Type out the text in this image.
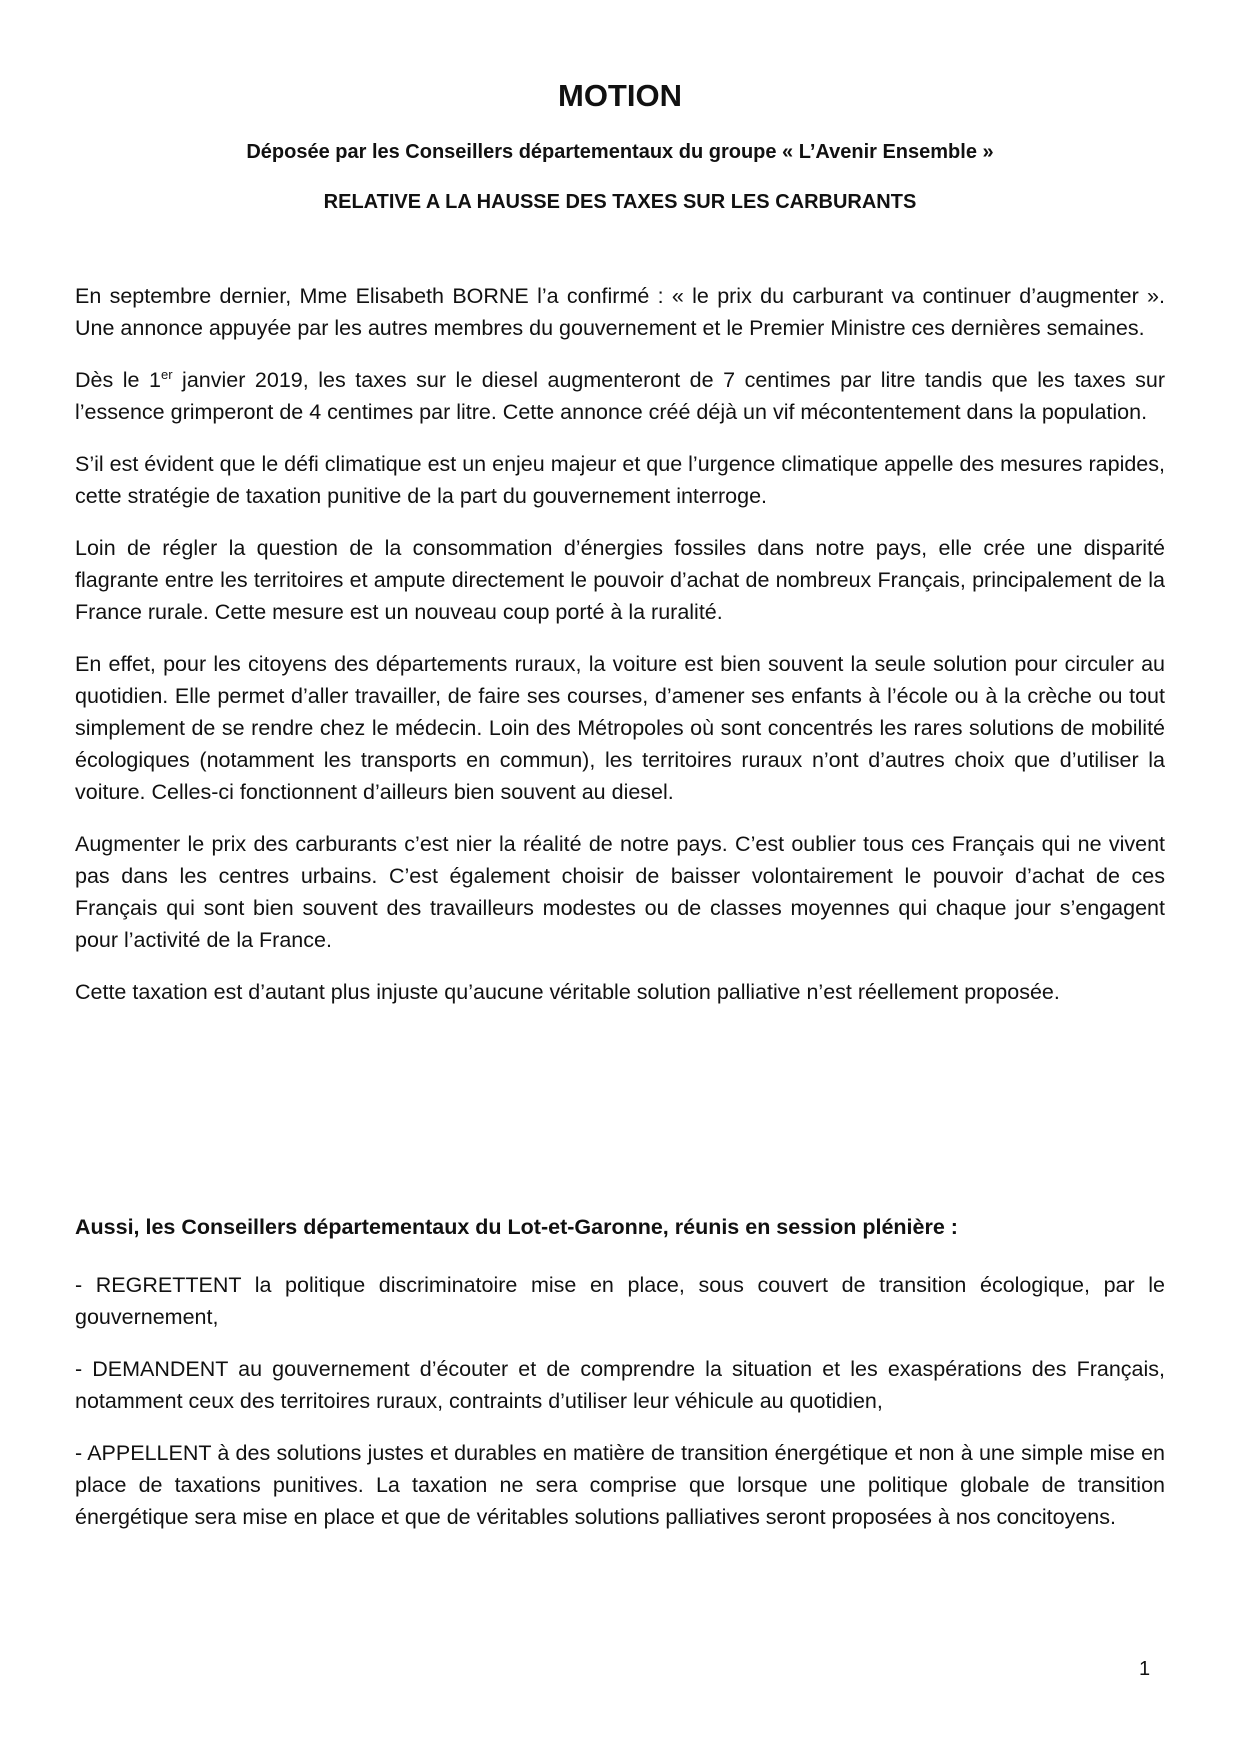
MOTION

Déposée par les Conseillers départementaux du groupe « L’Avenir Ensemble »

RELATIVE A LA HAUSSE DES TAXES SUR LES CARBURANTS

En septembre dernier, Mme Elisabeth BORNE l’a confirmé : « le prix du carburant va continuer d’augmenter ». Une annonce appuyée par les autres membres du gouvernement et le Premier Ministre ces dernières semaines.

Dès le 1er janvier 2019, les taxes sur le diesel augmenteront de 7 centimes par litre tandis que les taxes sur l’essence grimperont de 4 centimes par litre. Cette annonce créé déjà un vif mécontentement dans la population.

S’il est évident que le défi climatique est un enjeu majeur et que l’urgence climatique appelle des mesures rapides, cette stratégie de taxation punitive de la part du gouvernement interroge.

Loin de régler la question de la consommation d’énergies fossiles dans notre pays, elle crée une disparité flagrante entre les territoires et ampute directement le pouvoir d’achat de nombreux Français, principalement de la France rurale. Cette mesure est un nouveau coup porté à la ruralité.

En effet, pour les citoyens des départements ruraux, la voiture est bien souvent la seule solution pour circuler au quotidien. Elle permet d’aller travailler, de faire ses courses, d’amener ses enfants à l’école ou à la crèche ou tout simplement de se rendre chez le médecin. Loin des Métropoles où sont concentrés les rares solutions de mobilité écologiques (notamment les transports en commun), les territoires ruraux n’ont d’autres choix que d’utiliser la voiture. Celles-ci fonctionnent d’ailleurs bien souvent au diesel.

Augmenter le prix des carburants c’est nier la réalité de notre pays. C’est oublier tous ces Français qui ne vivent pas dans les centres urbains. C’est également choisir de baisser volontairement le pouvoir d’achat de ces Français qui sont bien souvent des travailleurs modestes ou de classes moyennes qui chaque jour s’engagent pour l’activité de la France.

Cette taxation est d’autant plus injuste qu’aucune véritable solution palliative n’est réellement proposée.

Aussi, les Conseillers départementaux du Lot-et-Garonne, réunis en session plénière :

- REGRETTENT la politique discriminatoire mise en place, sous couvert de transition écologique, par le gouvernement,

- DEMANDENT au gouvernement d’écouter et de comprendre la situation et les exaspérations des Français, notamment ceux des territoires ruraux, contraints d’utiliser leur véhicule au quotidien,

- APPELLENT à des solutions justes et durables en matière de transition énergétique et non à une simple mise en place de taxations punitives. La taxation ne sera comprise que lorsque une politique globale de transition énergétique sera mise en place et que de véritables solutions palliatives seront proposées à nos concitoyens.

1
